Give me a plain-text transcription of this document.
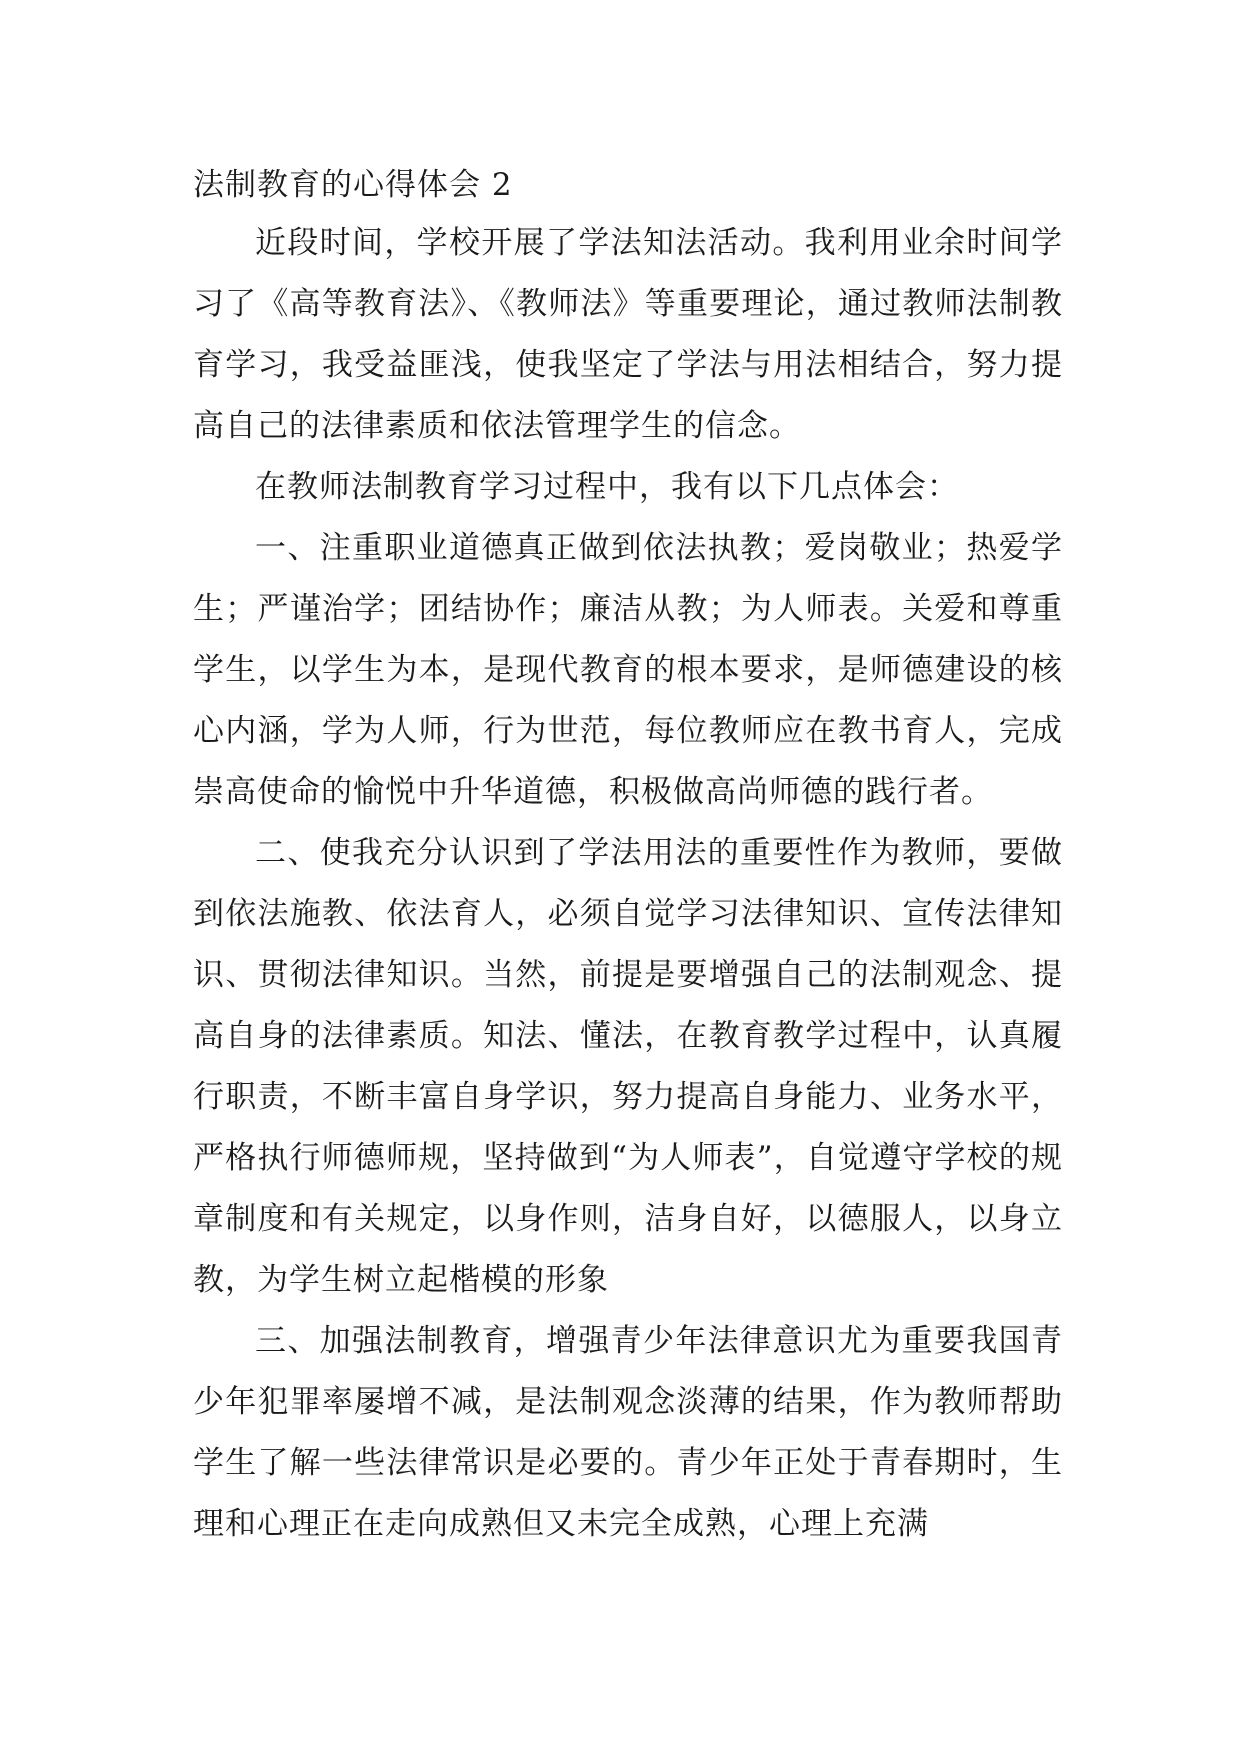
法制教育的心得体会 2

近段时间，学校开展了学法知法活动。我利用业余时间学习了《高等教育法》、《教师法》等重要理论，通过教师法制教育学习，我受益匪浅，使我坚定了学法与用法相结合，努力提高自己的法律素质和依法管理学生的信念。

在教师法制教育学习过程中，我有以下几点体会：

一、注重职业道德真正做到依法执教；爱岗敬业；热爱学生；严谨治学；团结协作；廉洁从教；为人师表。关爱和尊重学生，以学生为本，是现代教育的根本要求，是师德建设的核心内涵，学为人师，行为世范，每位教师应在教书育人，完成崇高使命的愉悦中升华道德，积极做高尚师德的践行者。

二、使我充分认识到了学法用法的重要性作为教师，要做到依法施教、依法育人，必须自觉学习法律知识、宣传法律知识、贯彻法律知识。当然，前提是要增强自己的法制观念、提高自身的法律素质。知法、懂法，在教育教学过程中，认真履行职责，不断丰富自身学识，努力提高自身能力、业务水平，严格执行师德师规，坚持做到“为人师表”，自觉遵守学校的规章制度和有关规定，以身作则，洁身自好，以德服人，以身立教，为学生树立起楷模的形象

三、加强法制教育，增强青少年法律意识尤为重要我国青少年犯罪率屡增不减，是法制观念淡薄的结果，作为教师帮助学生了解一些法律常识是必要的。青少年正处于青春期时，生理和心理正在走向成熟但又未完全成熟，心理上充满
